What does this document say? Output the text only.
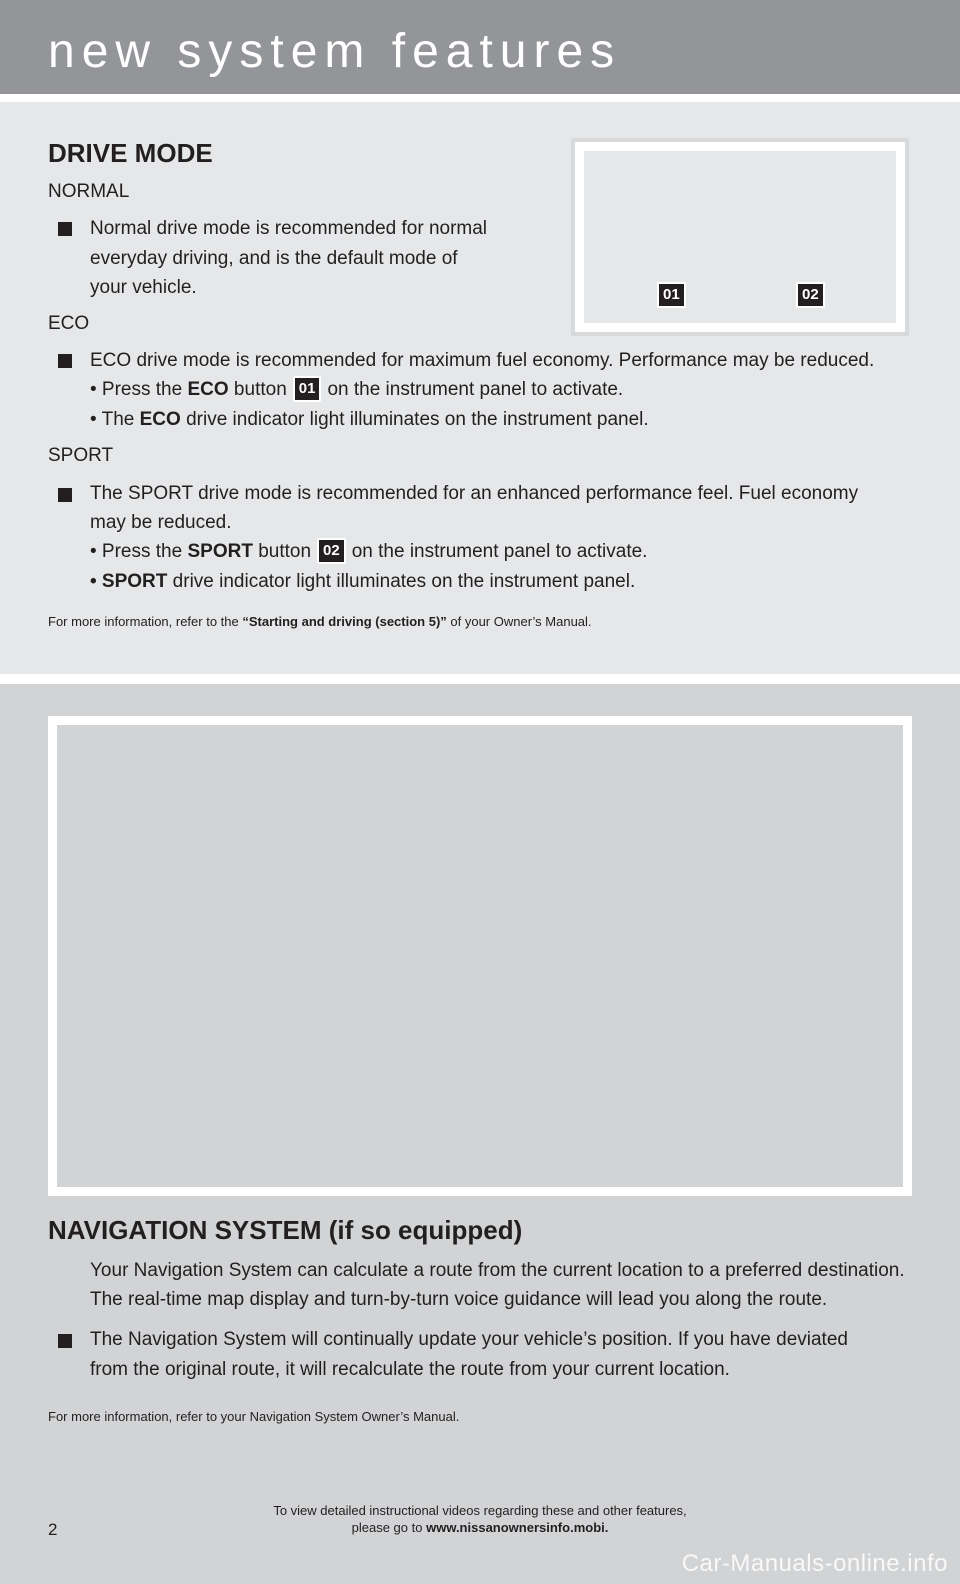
new system features
DRIVE MODE
NORMAL
Normal drive mode is recommended for normal
everyday driving, and is the default mode of
your vehicle.
ECO
ECO drive mode is recommended for maximum fuel economy. Performance may be reduced.
• Press the ECO button 01 on the instrument panel to activate.
• The ECO drive indicator light illuminates on the instrument panel.
SPORT
The SPORT drive mode is recommended for an enhanced performance feel. Fuel economy
may be reduced.
• Press the SPORT button 02 on the instrument panel to activate.
• SPORT drive indicator light illuminates on the instrument panel.
For more information, refer to the “Starting and driving (section 5)” of your Owner’s Manual.
01	02
NAVIGATION SYSTEM (if so equipped)
Your Navigation System can calculate a route from the current location to a preferred destination.
The real-time map display and turn-by-turn voice guidance will lead you along the route.
The Navigation System will continually update your vehicle’s position. If you have deviated
from the original route, it will recalculate the route from your current location.
For more information, refer to your Navigation System Owner’s Manual.
2
To view detailed instructional videos regarding these and other features,
please go to www.nissanownersinfo.mobi.
Car-Manuals-online.info
